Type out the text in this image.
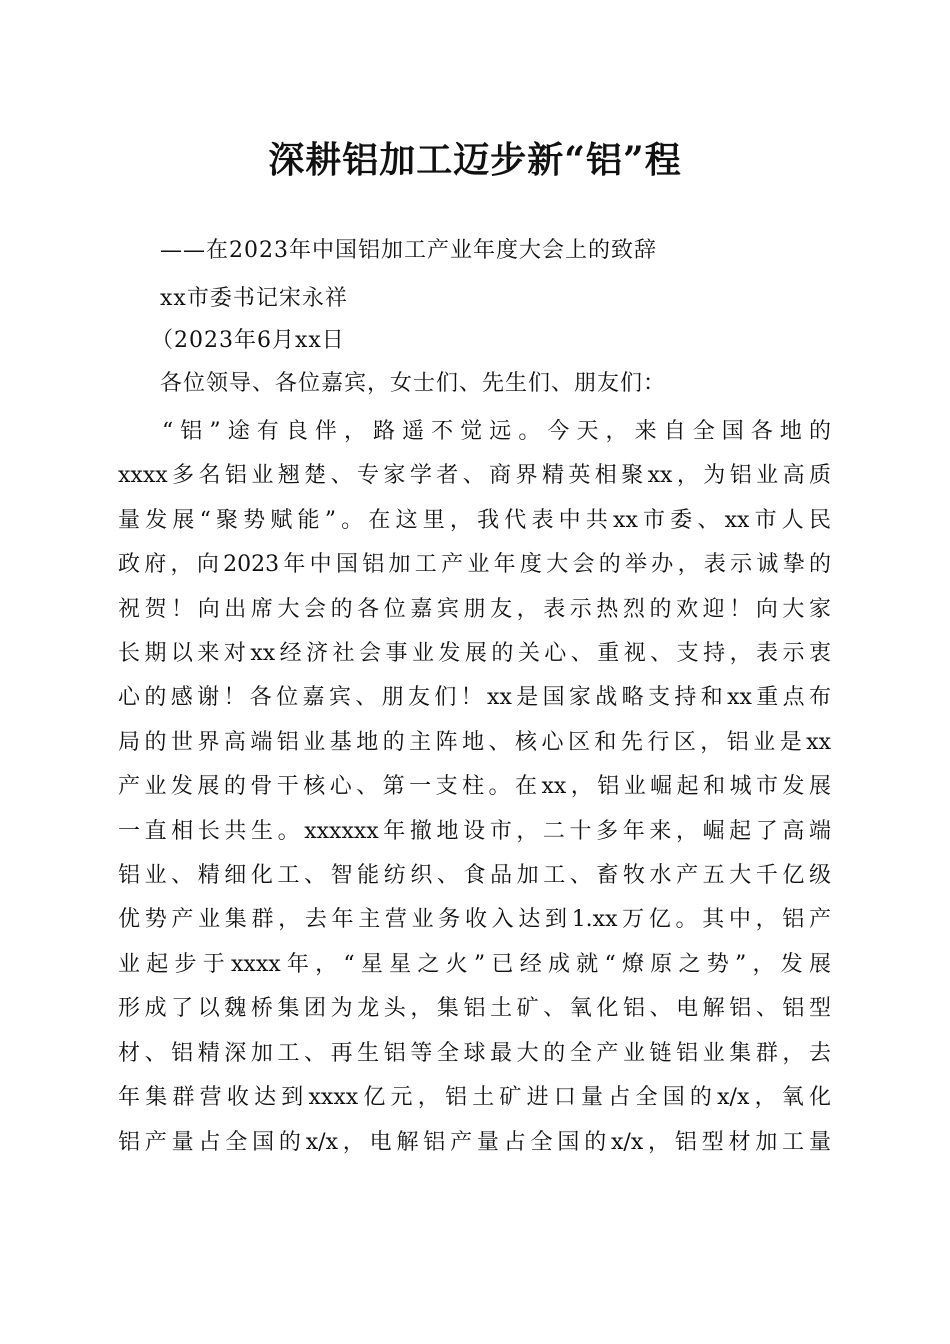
深耕铝加工迈步新“铝”程
——在2023年中国铝加工产业年度大会上的致辞
xx市委书记宋永祥
（2023年6月xx日
各位领导、各位嘉宾，女士们、先生们、朋友们：

“铝”途有良伴，路遥不觉远。今天，来自全国各地的

xxxx多名铝业翘楚、专家学者、商界精英相聚xx，为铝业高质

量发展“聚势赋能”。在这里，我代表中共xx市委、xx市人民

政府，向2023年中国铝加工产业年度大会的举办，表示诚挚的

祝贺！向出席大会的各位嘉宾朋友，表示热烈的欢迎！向大家

长期以来对xx经济社会事业发展的关心、重视、支持，表示衷

心的感谢！各位嘉宾、朋友们！xx是国家战略支持和xx重点布

局的世界高端铝业基地的主阵地、核心区和先行区，铝业是xx

产业发展的骨干核心、第一支柱。在xx，铝业崛起和城市发展

一直相长共生。xxxxxx年撤地设市，二十多年来，崛起了高端

铝业、精细化工、智能纺织、食品加工、畜牧水产五大千亿级

优势产业集群，去年主营业务收入达到1.xx万亿。其中，铝产

业起步于xxxx年，“星星之火”已经成就“燎原之势”，发展

形成了以魏桥集团为龙头，集铝土矿、氧化铝、电解铝、铝型

材、铝精深加工、再生铝等全球最大的全产业链铝业集群，去

年集群营收达到xxxx亿元，铝土矿进口量占全国的x/x，氧化

铝产量占全国的x/x，电解铝产量占全国的x/x，铝型材加工量
